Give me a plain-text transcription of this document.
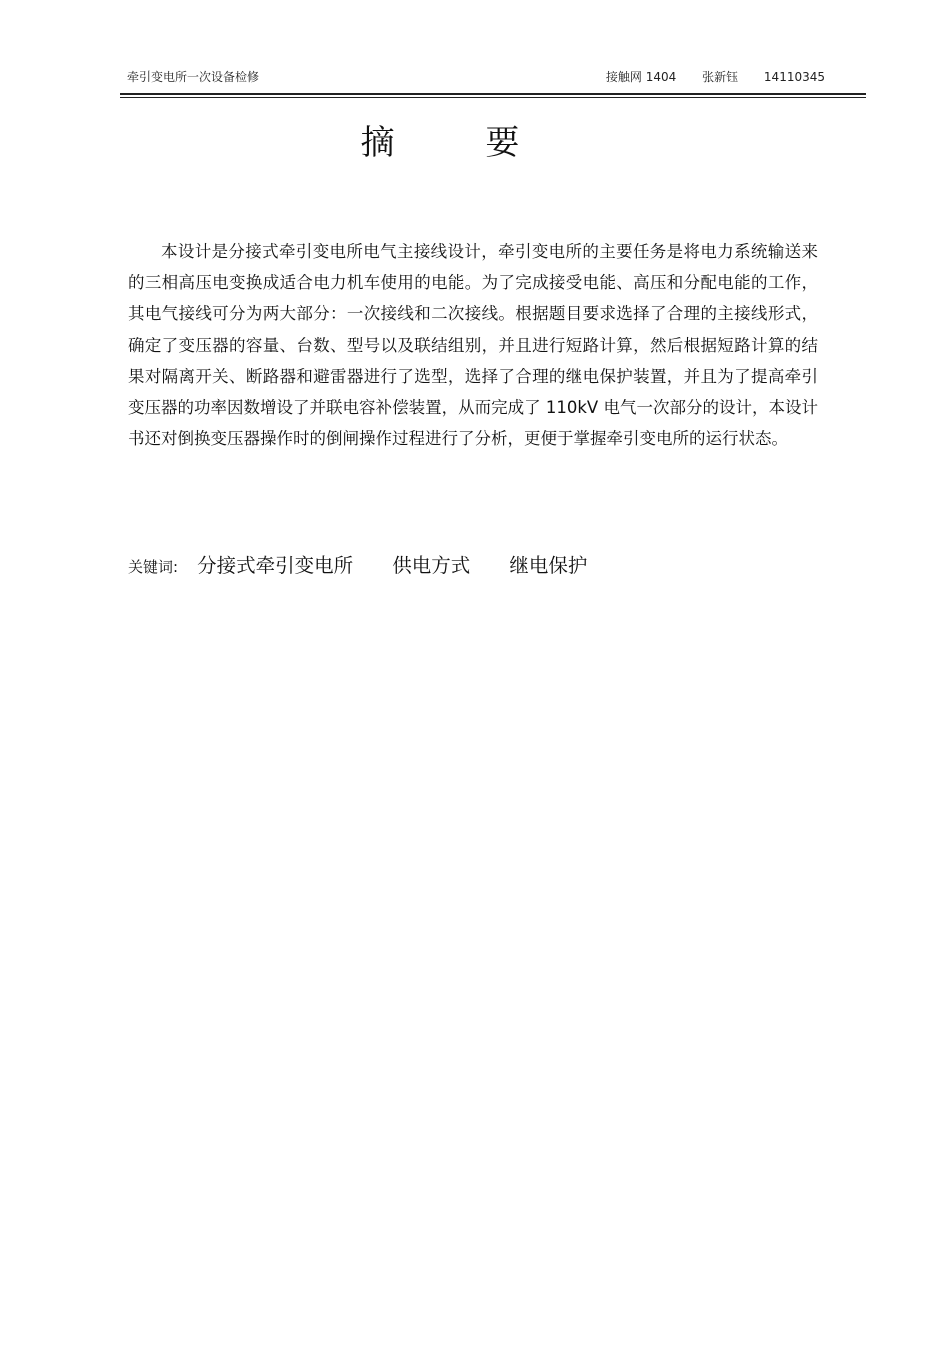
牵引变电所一次设备检修	接触网 1404 张新钰 14110345
摘 要
本设计是分接式牵引变电所电气主接线设计，牵引变电所的主要任务是将电力系统输送来的三相高压电变换成适合电力机车使用的电能。为了完成接受电能、高压和分配电能的工作，其电气接线可分为两大部分：一次接线和二次接线。根据题目要求选择了合理的主接线形式，确定了变压器的容量、台数、型号以及联结组别，并且进行短路计算，然后根据短路计算的结果对隔离开关、断路器和避雷器进行了选型，选择了合理的继电保护装置，并且为了提高牵引变压器的功率因数增设了并联电容补偿装置，从而完成了 110kV 电气一次部分的设计，本设计书还对倒换变压器操作时的倒闸操作过程进行了分析，更便于掌握牵引变电所的运行状态。
关键词: 分接式牵引变电所 供电方式 继电保护
